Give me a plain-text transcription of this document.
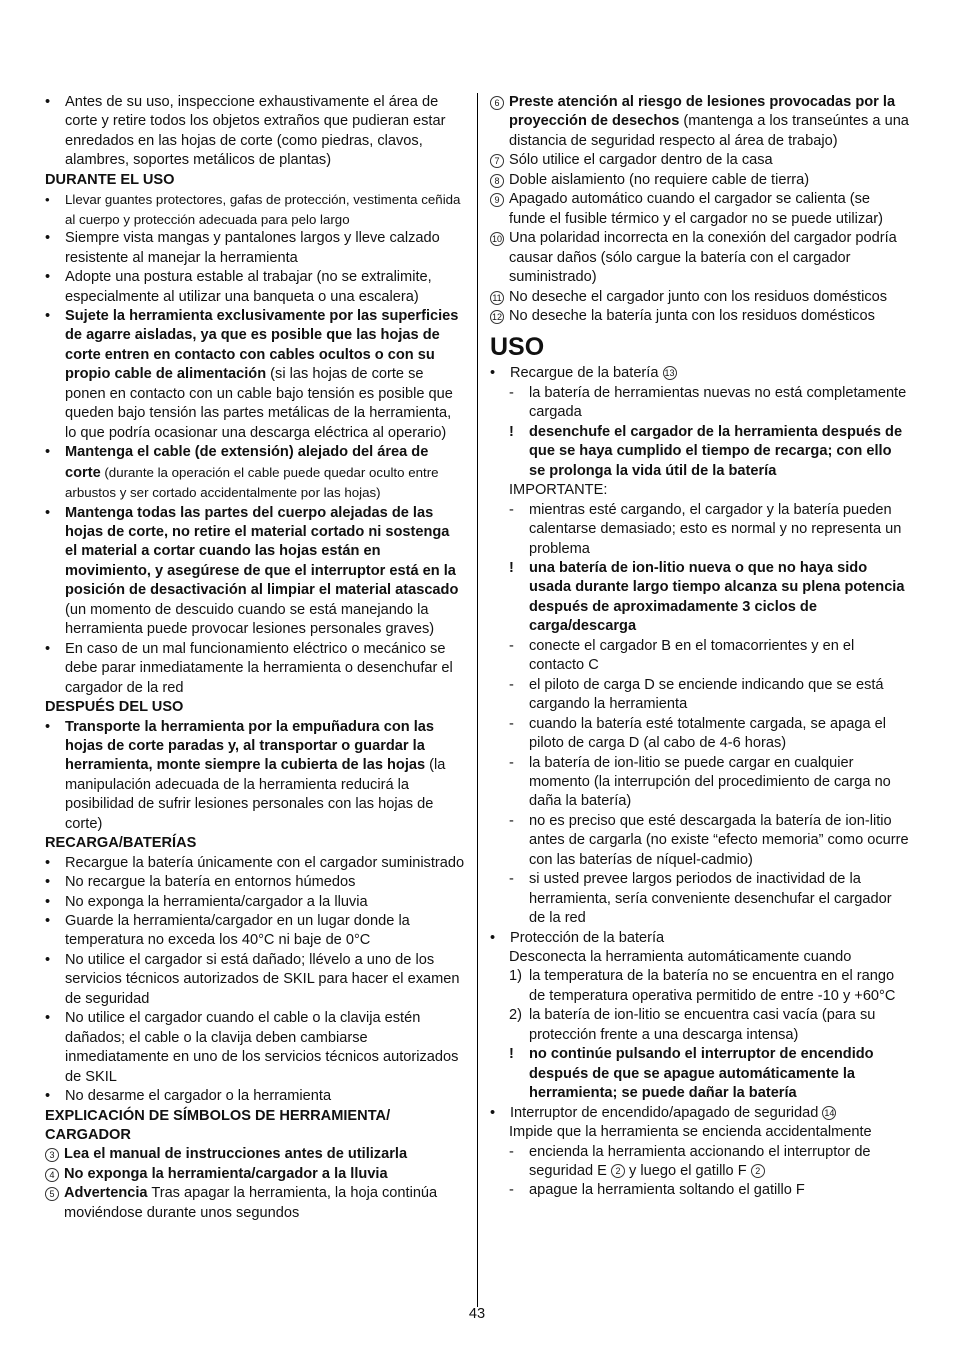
• Antes de su uso, inspeccione exhaustivamente el área de corte y retire todos los objetos extraños que pudieran estar enredados en las hojas de corte (como piedras, clavos, alambres, soportes metálicos de plantas)
DURANTE EL USO
• Llevar guantes protectores, gafas de protección, vestimenta ceñida al cuerpo y protección adecuada para pelo largo
• Siempre vista mangas y pantalones largos y lleve calzado resistente al manejar la herramienta
• Adopte una postura estable al trabajar (no se extralimite, especialmente al utilizar una banqueta o una escalera)
• Sujete la herramienta exclusivamente por las superficies de agarre aisladas, ya que es posible que las hojas de corte entren en contacto con cables ocultos o con su propio cable de alimentación (si las hojas de corte se ponen en contacto con un cable bajo tensión es posible que queden bajo tensión las partes metálicas de la herramienta, lo que podría ocasionar una descarga eléctrica al operario)
• Mantenga el cable (de extensión) alejado del área de corte (durante la operación el cable puede quedar oculto entre arbustos y ser cortado accidentalmente por las hojas)
• Mantenga todas las partes del cuerpo alejadas de las hojas de corte, no retire el material cortado ni sostenga el material a cortar cuando las hojas están en movimiento, y asegúrese de que el interruptor está en la posición de desactivación al limpiar el material atascado (un momento de descuido cuando se está manejando la herramienta puede provocar lesiones personales graves)
• En caso de un mal funcionamiento eléctrico o mecánico se debe parar inmediatamente la herramienta o desenchufar el cargador de la red
DESPUÉS DEL USO
• Transporte la herramienta por la empuñadura con las hojas de corte paradas y, al transportar o guardar la herramienta, monte siempre la cubierta de las hojas (la manipulación adecuada de la herramienta reducirá la posibilidad de sufrir lesiones personales con las hojas de corte)
RECARGA/BATERÍAS
• Recargue la batería únicamente con el cargador suministrado
• No recargue la batería en entornos húmedos
• No exponga la herramienta/cargador a la lluvia
• Guarde la herramienta/cargador en un lugar donde la temperatura no exceda los 40°C ni baje de 0°C
• No utilice el cargador si está dañado; llévelo a uno de los servicios técnicos autorizados de SKIL para hacer el examen de seguridad
• No utilice el cargador cuando el cable o la clavija estén dañados; el cable o la clavija deben cambiarse inmediatamente en uno de los servicios técnicos autorizados de SKIL
• No desarme el cargador o la herramienta
EXPLICACIÓN DE SÍMBOLOS DE HERRAMIENTA/
CARGADOR
3 Lea el manual de instrucciones antes de utilizarla
4 No exponga la herramienta/cargador a la lluvia
5 Advertencia Tras apagar la herramienta, la hoja continúa moviéndose durante unos segundos
6 Preste atención al riesgo de lesiones provocadas por la proyección de desechos (mantenga a los transeúntes a una distancia de seguridad respecto al área de trabajo)
7 Sólo utilice el cargador dentro de la casa
8 Doble aislamiento (no requiere cable de tierra)
9 Apagado automático cuando el cargador se calienta (se funde el fusible térmico y el cargador no se puede utilizar)
10 Una polaridad incorrecta en la conexión del cargador podría causar daños (sólo cargue la batería con el cargador suministrado)
11 No deseche el cargador junto con los residuos domésticos
12 No deseche la batería junta con los residuos domésticos
USO
• Recargue de la batería 13
- la batería de herramientas nuevas no está completamente cargada
! desenchufe el cargador de la herramienta después de que se haya cumplido el tiempo de recarga; con ello se prolonga la vida útil de la batería
IMPORTANTE:
- mientras esté cargando, el cargador y la batería pueden calentarse demasiado; esto es normal y no representa un problema
! una batería de ion-litio nueva o que no haya sido usada durante largo tiempo alcanza su plena potencia después de aproximadamente 3 ciclos de carga/descarga
- conecte el cargador B en el tomacorrientes y en el contacto C
- el piloto de carga D se enciende indicando que se está cargando la herramienta
- cuando la batería esté totalmente cargada, se apaga el piloto de carga D (al cabo de 4-6 horas)
- la batería de ion-litio se puede cargar en cualquier momento (la interrupción del procedimiento de carga no daña la batería)
- no es preciso que esté descargada la batería de ion-litio antes de cargarla (no existe “efecto memoria” como ocurre con las baterías de níquel-cadmio)
- si usted prevee largos periodos de inactividad de la herramienta, sería conveniente desenchufar el cargador de la red
• Protección de la batería
Desconecta la herramienta automáticamente cuando
1) la temperatura de la batería no se encuentra en el rango de temperatura operativa permitido de entre -10 y +60°C
2) la batería de ion-litio se encuentra casi vacía (para su protección frente a una descarga intensa)
! no continúe pulsando el interruptor de encendido después de que se apague automáticamente la herramienta; se puede dañar la batería
• Interruptor de encendido/apagado de seguridad 14
Impide que la herramienta se encienda accidentalmente
- encienda la herramienta accionando el interruptor de seguridad E 2 y luego el gatillo F 2
- apague la herramienta soltando el gatillo F
43
